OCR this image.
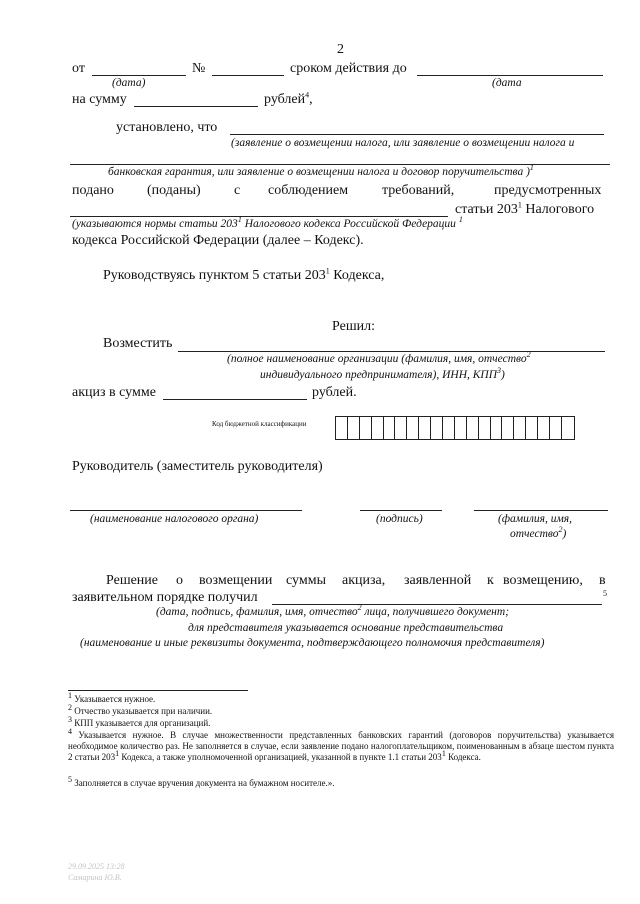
2
от	№	сроком действия до
(дата)	(дата
на сумму	рублей$^4$,
установлено, что
(заявление о возмещении налога, или заявление о возмещении налога и
банковская гарантия, или заявление о возмещении налога и договор поручительства )$^1$
подано (поданы) с соблюдением требований,	предусмотренных
статьи $203^1$ Налогового
(указываются нормы статьи $203^1$ Налогового кодекса Российской Федерации $^1$
кодекса Российской Федерации (далее – Кодекс).
Руководствуясь пунктом 5 статьи $203^1$ Кодекса,
Решил:
Возместить
(полное наименование организации (фамилия, имя, отчество$^2$
индивидуального предпринимателя), ИНН, КПП$^3$)
акциз в сумме	рублей.
Код бюджетной классификации
Руководитель (заместитель руководителя)
(наименование налогового органа)	(подпись)	(фамилия, имя,
отчество$^2$)
Решение о возмещении суммы акциза, заявленной к возмещению, в
заявительном порядке получил	5
(дата, подпись, фамилия, имя, отчество$^2$ лица, получившего документ;
для представителя указывается основание представительства
(наименование и иные реквизиты документа, подтверждающего полномочия представителя)
$^1$ Указывается нужное.
$^2$ Отчество указывается при наличии.
$^3$ КПП указывается для организаций.
$^4$ Указывается нужное. В случае множественности представленных банковских гарантий (договоров поручительства) указывается необходимое количество раз. Не заполняется в случае, если заявление подано налогоплательщиком, поименованным в абзаце шестом пункта 2 статьи $203^1$ Кодекса, а также уполномоченной организацией, указанной в пункте 1.1 статьи $203^1$ Кодекса.
$^5$ Заполняется в случае вручения документа на бумажном носителе.».
29.09.2025 13:28
Самарина Ю.В.
